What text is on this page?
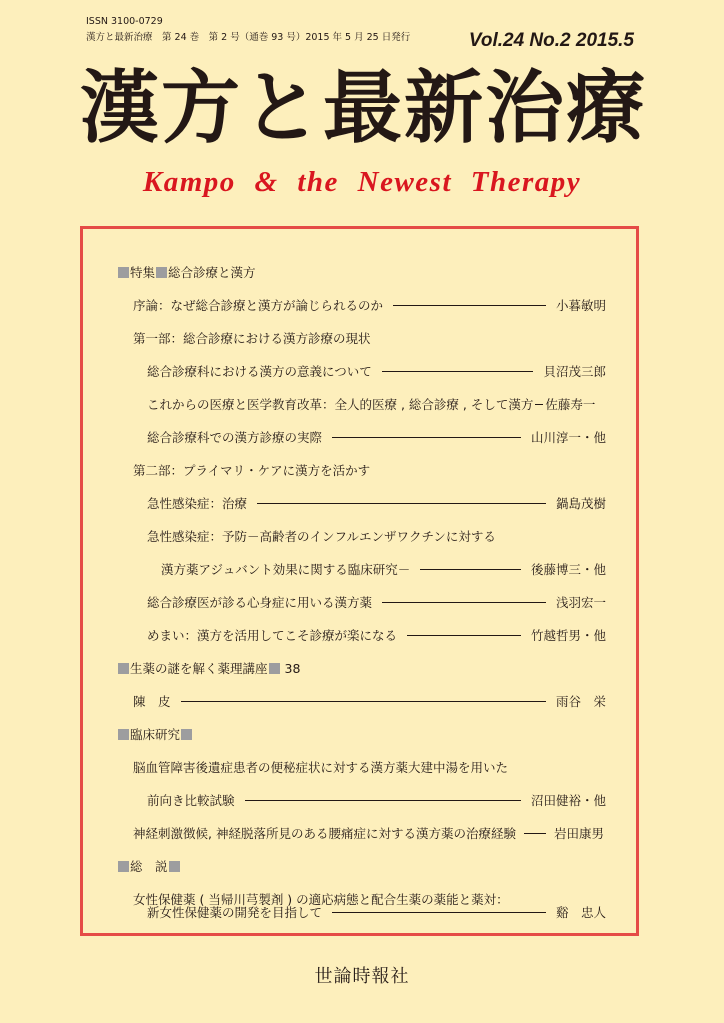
ISSN 3100-0729
漢方と最新治療　第 24 巻　第 2 号（通巻 93 号）2015 年 5 月 25 日発行	Vol.24 No.2 2015.5
漢方と最新治療
Kampo & the Newest Therapy
特集 総合診療と漢方
序論：なぜ総合診療と漢方が論じられるのか	小暮敏明
第一部：総合診療における漢方診療の現状
総合診療科における漢方の意義について	貝沼茂三郎
これからの医療と医学教育改革：全人的医療 , 総合診療 , そして漢方 佐藤寿一
総合診療科での漢方診療の実際	山川淳一・他
第二部：プライマリ・ケアに漢方を活かす
急性感染症：治療	鍋島茂樹
急性感染症：予防－高齢者のインフルエンザワクチンに対する
漢方薬アジュバント効果に関する臨床研究－	後藤博三・他
総合診療医が診る心身症に用いる漢方薬	浅羽宏一
めまい：漢方を活用してこそ診療が楽になる	竹越哲男・他
生薬の謎を解く薬理講座
38
陳　皮	雨谷　栄
臨床研究
脳血管障害後遺症患者の便秘症状に対する漢方薬大建中湯を用いた
前向き比較試験	沼田健裕・他
神経刺激徴候, 神経脱落所見のある腰痛症に対する漢方薬の治療経験	岩田康男
総　説
女性保健薬 ( 当帰川芎製剤 ) の適応病態と配合生薬の薬能と薬対：
新女性保健薬の開発を目指して	谿　忠人
世論時報社
